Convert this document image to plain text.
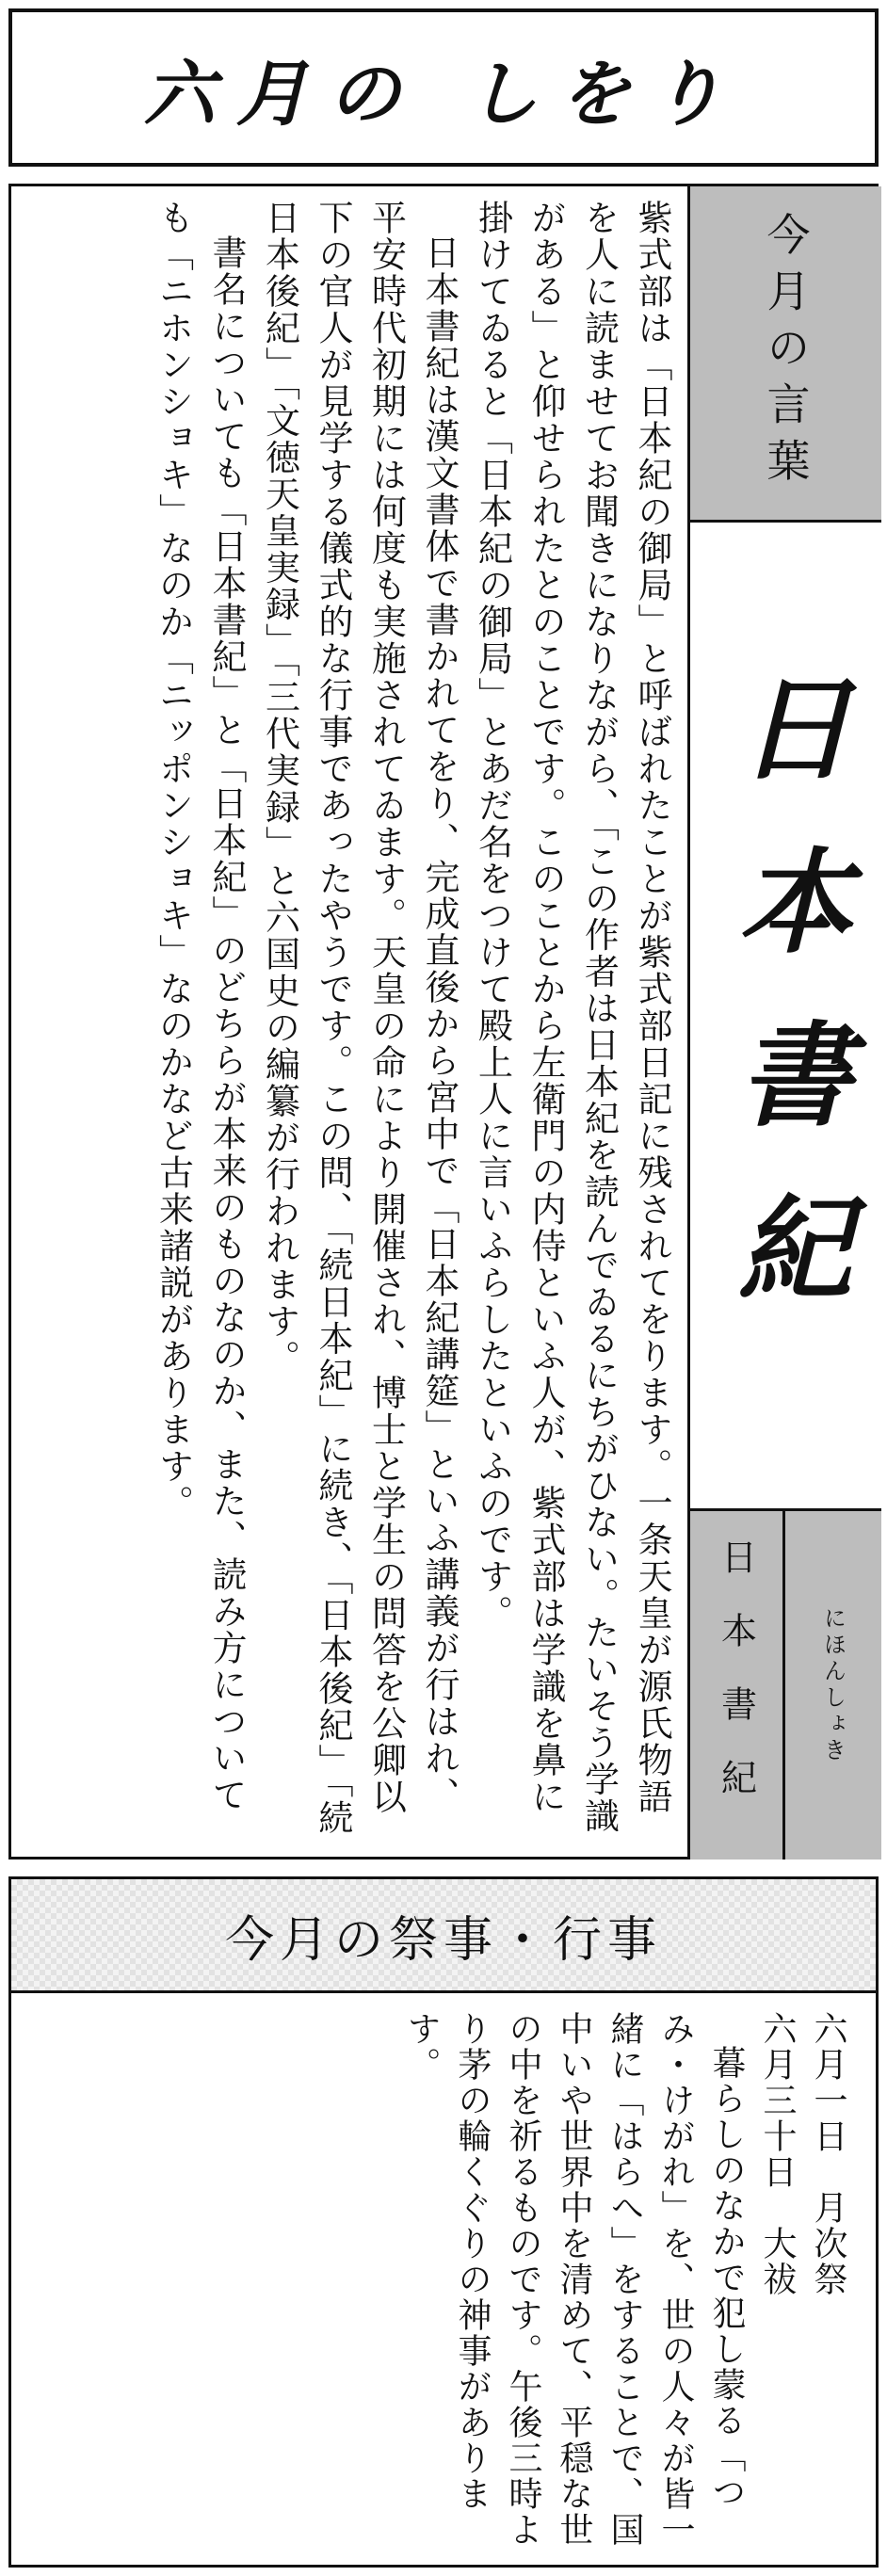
六月の しをり

紫式部は「日本紀の御局」と呼ばれたことが紫式部日記に残されてをります。一条天皇が源氏物語を人に読ませてお聞きになりながら、「この作者は日本紀を読んでゐるにちがひない。たいそう学識がある」と仰せられたとのことです。このことから左衛門の内侍といふ人が、紫式部は学識を鼻に掛けてゐると「日本紀の御局」とあだ名をつけて殿上人に言いふらしたといふのです。

日本書紀は漢文書体で書かれてをり、完成直後から宮中で「日本紀講筵」といふ講義が行はれ、平安時代初期には何度も実施されてゐます。天皇の命により開催され、博士と学生の問答を公卿以下の官人が見学する儀式的な行事であったやうです。この問、「続日本紀」に続き、「日本後紀」「続日本後紀」「文徳天皇実録」「三代実録」と六国史の編纂が行われます。

書名についても「日本書紀」と「日本紀」のどちらが本来のものなのか、また、読み方についても「ニホンショキ」なのか「ニッポンショキ」なのかなど古来諸説があります。	今月の

言葉
日本書紀
日本書紀	にほんしょき
今月の祭事・行事
六月一日　月次祭
六月三十日　大祓
暮らしのなかで犯し蒙る「つみ・けがれ」を、世の人々が皆一緒に「はらへ」をすることで、国中いや世界中を清めて、平穏な世の中を祈るものです。午後三時より茅の輪くぐりの神事がありま
す。
